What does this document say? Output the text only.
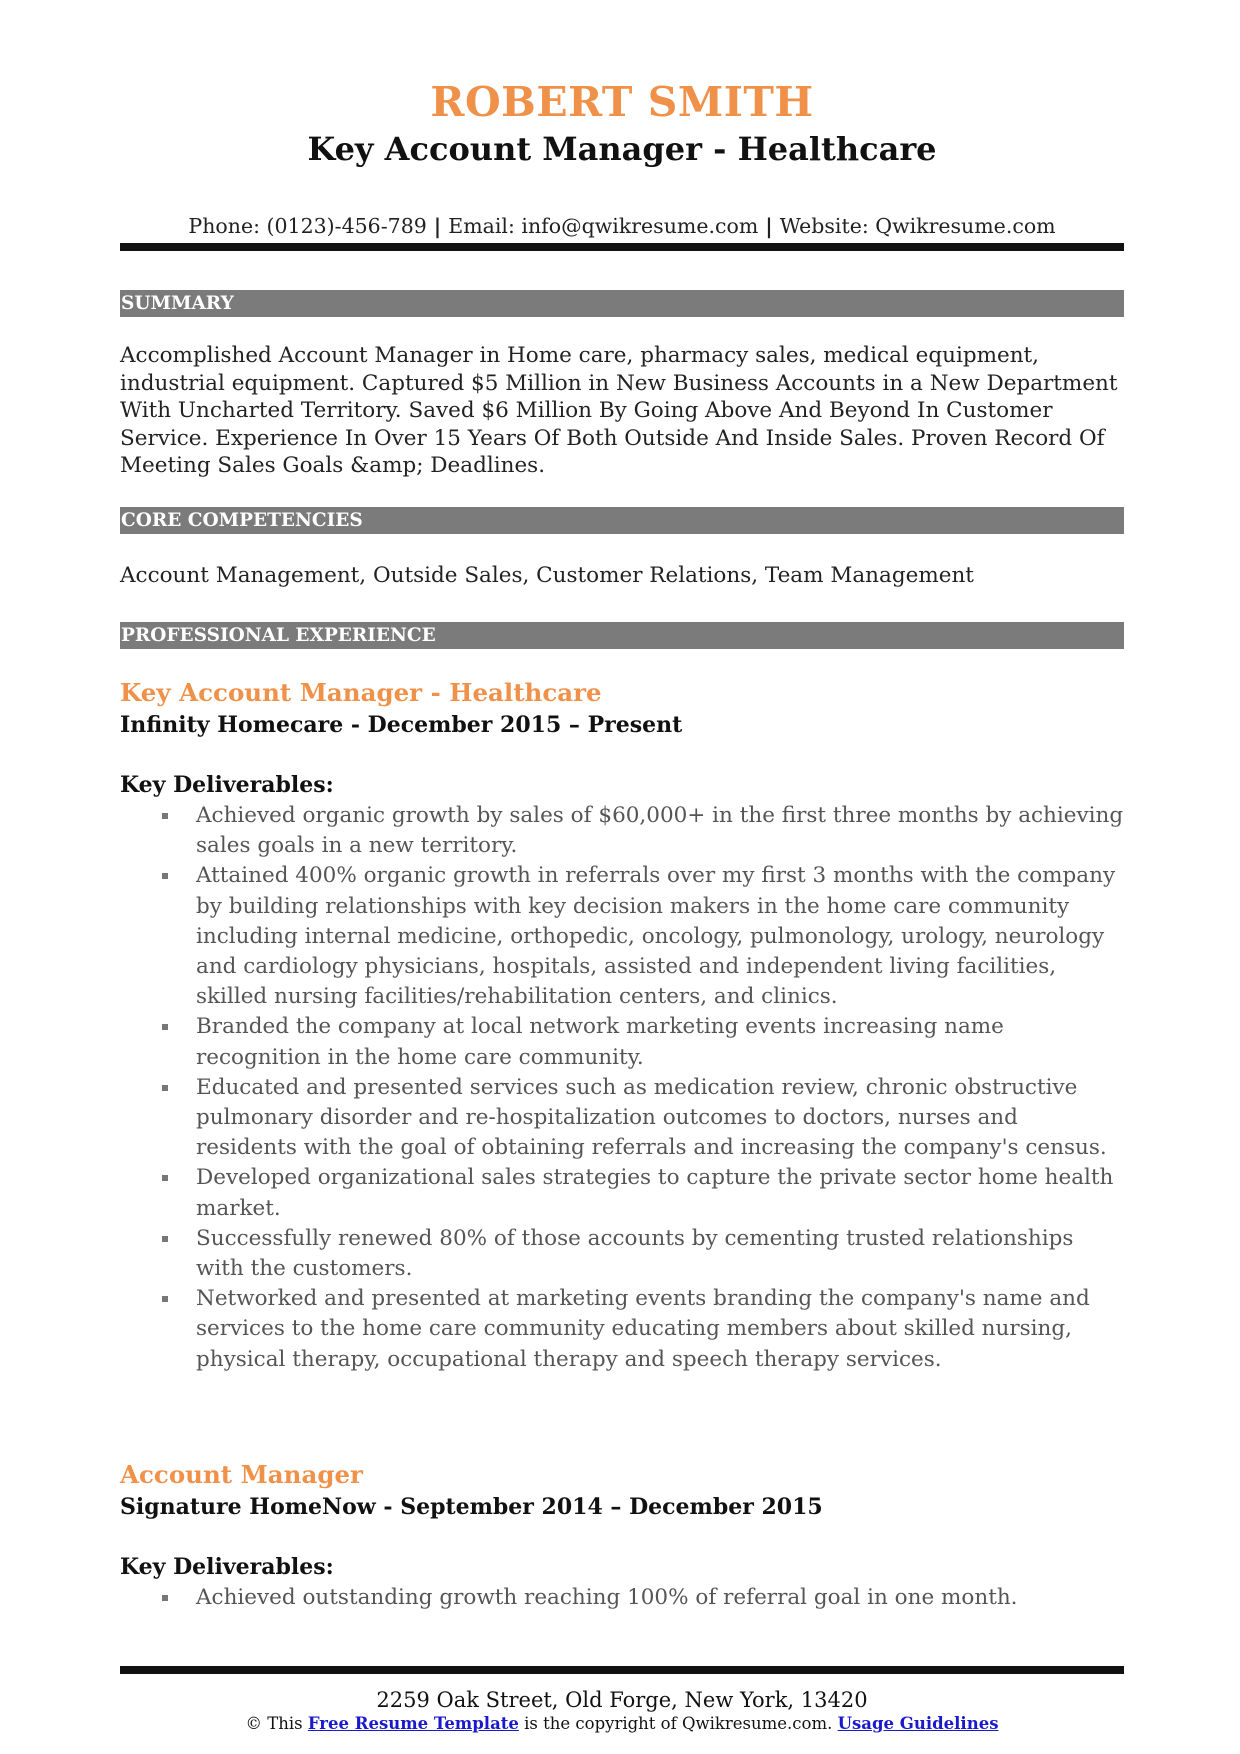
ROBERT SMITH
Key Account Manager - Healthcare
Phone: (0123)-456-789 | Email: info@qwikresume.com | Website: Qwikresume.com
SUMMARY
Accomplished Account Manager in Home care, pharmacy sales, medical equipment, industrial equipment. Captured $5 Million in New Business Accounts in a New Department With Uncharted Territory. Saved $6 Million By Going Above And Beyond In Customer Service. Experience In Over 15 Years Of Both Outside And Inside Sales. Proven Record Of Meeting Sales Goals &amp; Deadlines.
CORE COMPETENCIES
Account Management, Outside Sales, Customer Relations, Team Management
PROFESSIONAL EXPERIENCE
Key Account Manager - Healthcare
Infinity Homecare - December 2015 – Present
Key Deliverables:
Achieved organic growth by sales of $60,000+ in the first three months by achieving sales goals in a new territory.
Attained 400% organic growth in referrals over my first 3 months with the company by building relationships with key decision makers in the home care community including internal medicine, orthopedic, oncology, pulmonology, urology, neurology and cardiology physicians, hospitals, assisted and independent living facilities, skilled nursing facilities/rehabilitation centers, and clinics.
Branded the company at local network marketing events increasing name recognition in the home care community.
Educated and presented services such as medication review, chronic obstructive pulmonary disorder and re-hospitalization outcomes to doctors, nurses and residents with the goal of obtaining referrals and increasing the company's census.
Developed organizational sales strategies to capture the private sector home health market.
Successfully renewed 80% of those accounts by cementing trusted relationships with the customers.
Networked and presented at marketing events branding the company's name and services to the home care community educating members about skilled nursing, physical therapy, occupational therapy and speech therapy services.
Account Manager
Signature HomeNow - September 2014 – December 2015
Key Deliverables:
Achieved outstanding growth reaching 100% of referral goal in one month.
2259 Oak Street, Old Forge, New York, 13420
© This Free Resume Template is the copyright of Qwikresume.com. Usage Guidelines
